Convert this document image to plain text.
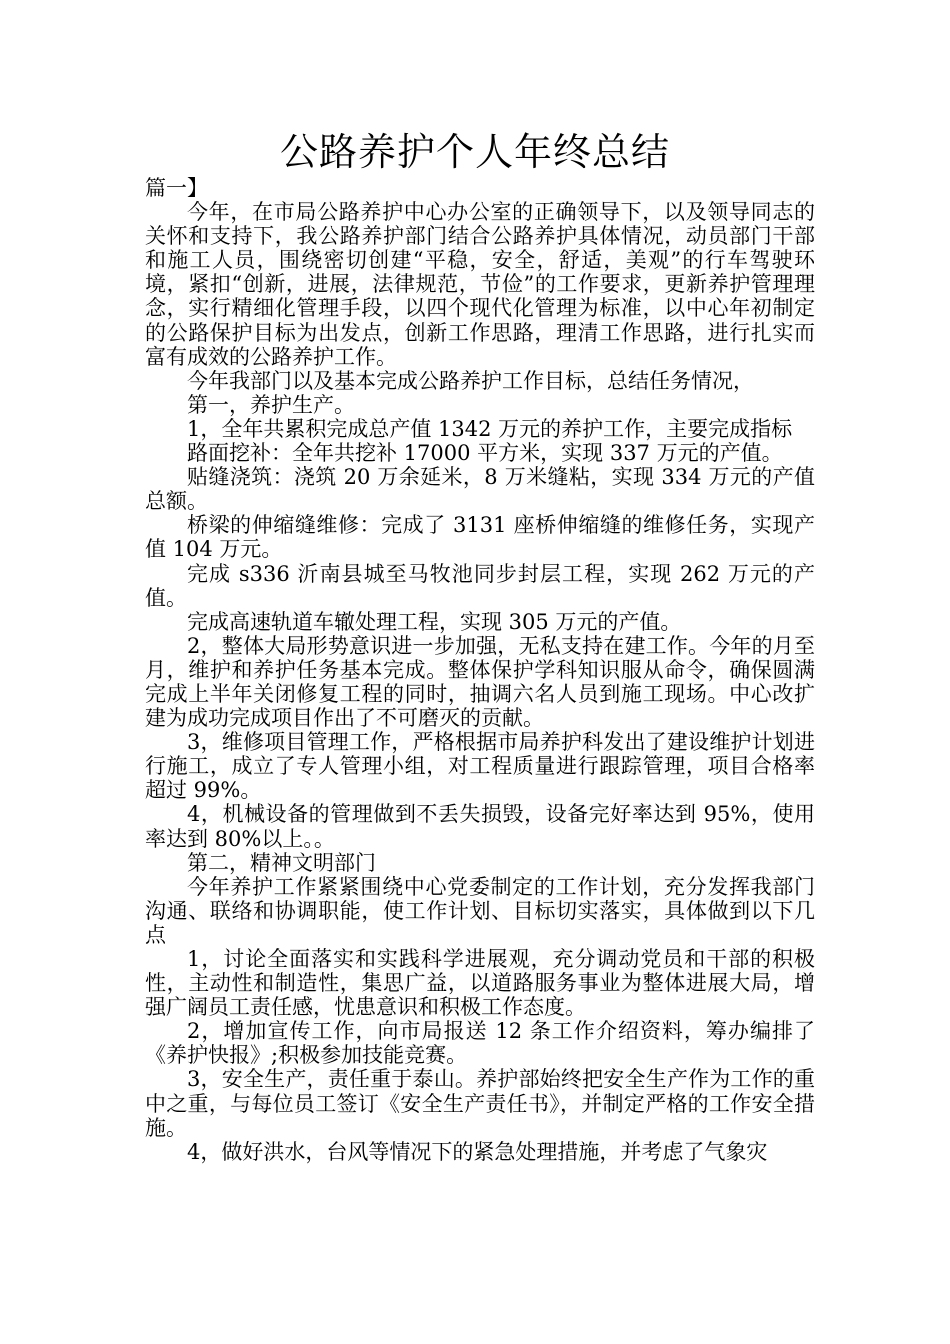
公路养护个人年终总结

篇一】

今年，在市局公路养护中心办公室的正确领导下，以及领导同志的关怀和支持下，我公路养护部门结合公路养护具体情况，动员部门干部和施工人员，围绕密切创建“平稳，安全，舒适，美观”的行车驾驶环境，紧扣“创新，进展，法律规范，节俭”的工作要求，更新养护管理理念，实行精细化管理手段，以四个现代化管理为标准，以中心年初制定的公路保护目标为出发点，创新工作思路，理清工作思路，进行扎实而富有成效的公路养护工作。

今年我部门以及基本完成公路养护工作目标，总结任务情况，

第一，养护生产。

1，全年共累积完成总产值 1342 万元的养护工作，主要完成指标

路面挖补：全年共挖补 17000 平方米，实现 337 万元的产值。

贴缝浇筑：浇筑 20 万余延米，8 万米缝粘，实现 334 万元的产值总额。

桥梁的伸缩缝维修：完成了 3131 座桥伸缩缝的维修任务，实现产值 104 万元。

完成 s336 沂南县城至马牧池同步封层工程，实现 262 万元的产值。

完成高速轨道车辙处理工程，实现 305 万元的产值。

2，整体大局形势意识进一步加强，无私支持在建工作。今年的月至月，维护和养护任务基本完成。整体保护学科知识服从命令，确保圆满完成上半年关闭修复工程的同时，抽调六名人员到施工现场。中心改扩建为成功完成项目作出了不可磨灭的贡献。

3，维修项目管理工作，严格根据市局养护科发出了建设维护计划进行施工，成立了专人管理小组，对工程质量进行跟踪管理，项目合格率超过 99%。

4，机械设备的管理做到不丢失损毁，设备完好率达到 95%，使用率达到 80%以上。。

第二，精神文明部门

今年养护工作紧紧围绕中心党委制定的工作计划，充分发挥我部门沟通、联络和协调职能，使工作计划、目标切实落实，具体做到以下几点

1，讨论全面落实和实践科学进展观，充分调动党员和干部的积极性，主动性和制造性，集思广益，以道路服务事业为整体进展大局，增强广阔员工责任感，忧患意识和积极工作态度。

2，增加宣传工作，向市局报送 12 条工作介绍资料，筹办编排了《养护快报》;积极参加技能竞赛。

3，安全生产，责任重于泰山。养护部始终把安全生产作为工作的重中之重，与每位员工签订《安全生产责任书》，并制定严格的工作安全措施。

4，做好洪水，台风等情况下的紧急处理措施，并考虑了气象灾
